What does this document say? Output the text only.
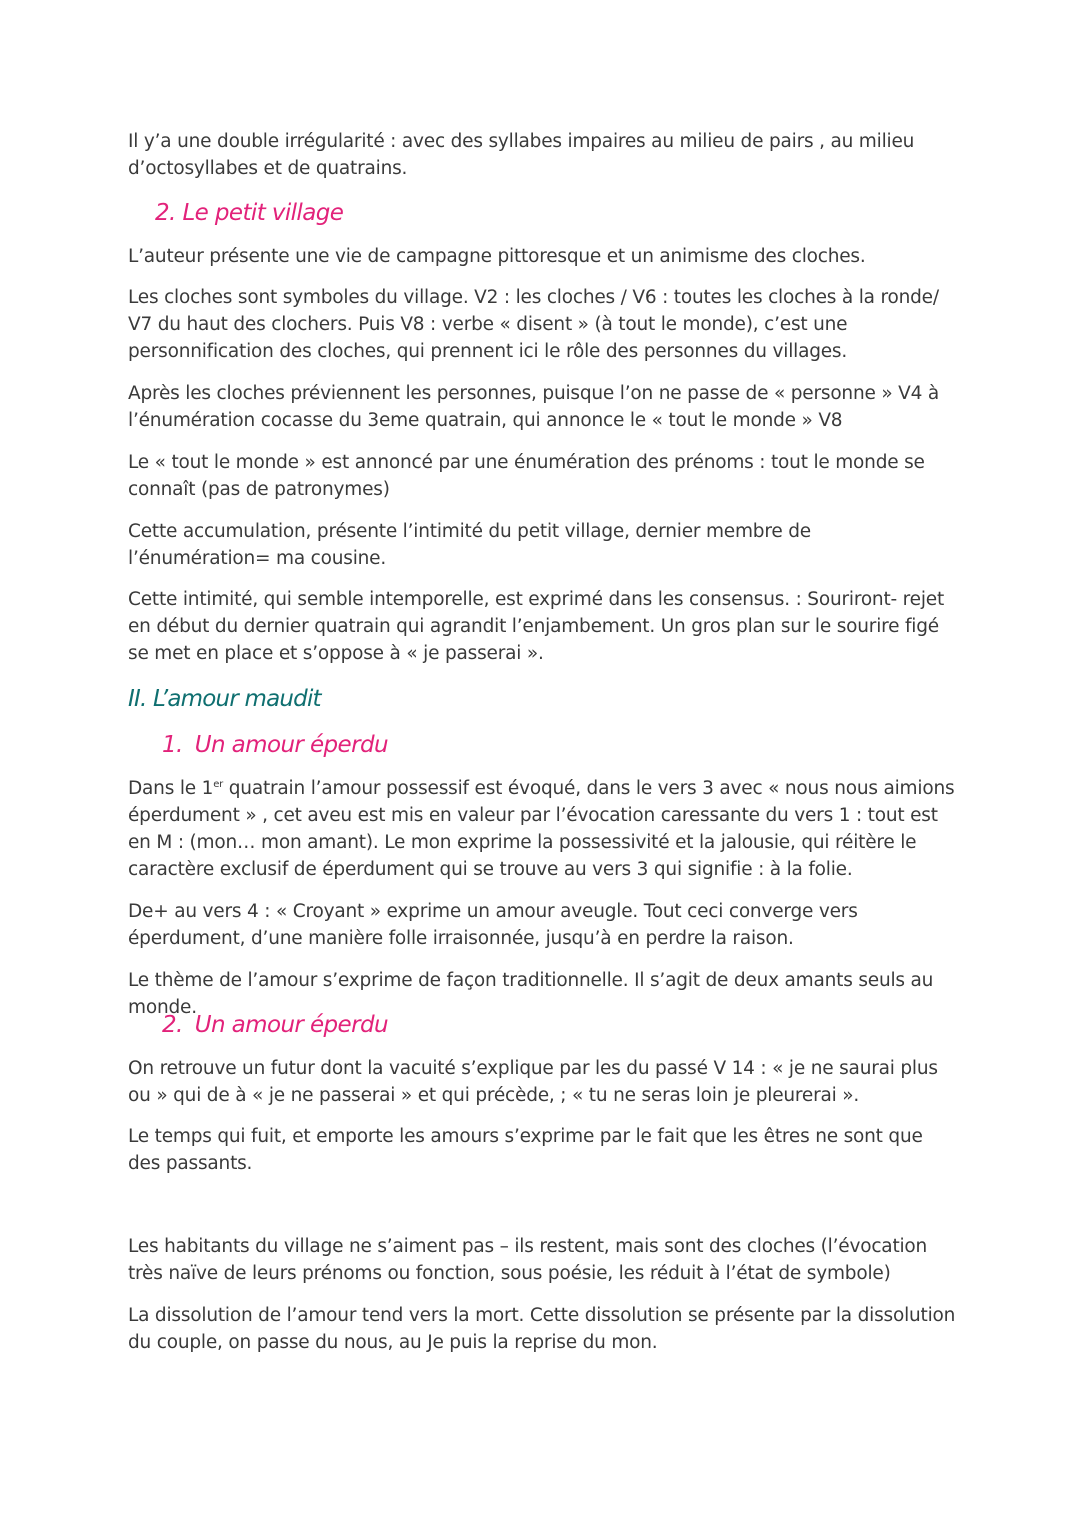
Il y’a une double irrégularité : avec des syllabes impaires au milieu de pairs , au milieu d’octosyllabes et de quatrains.

2. Le petit village

L’auteur présente une vie de campagne pittoresque et un animisme des cloches.

Les cloches sont symboles du village. V2 : les cloches / V6 : toutes les cloches à la ronde/ V7 du haut des clochers. Puis V8 : verbe « disent » (à tout le monde), c’est une personnification des cloches, qui prennent ici le rôle des personnes du villages.

Après les cloches préviennent les personnes, puisque l’on ne passe de « personne » V4 à l’énumération cocasse du 3eme quatrain, qui annonce le « tout le monde » V8

Le « tout le monde » est annoncé par une énumération des prénoms : tout le monde se connaît (pas de patronymes)

Cette accumulation, présente l’intimité du petit village, dernier membre de l’énumération= ma cousine.

Cette intimité, qui semble intemporelle, est exprimé dans les consensus. : Souriront- rejet en début du dernier quatrain qui agrandit l’enjambement. Un gros plan sur le sourire figé se met en place et s’oppose à « je passerai ».

II. L’amour maudit
1. Un amour éperdu

Dans le 1er quatrain l’amour possessif est évoqué, dans le vers 3 avec « nous nous aimions éperdument » , cet aveu est mis en valeur par l’évocation caressante du vers 1 : tout est en M : (mon… mon amant). Le mon exprime la possessivité et la jalousie, qui réitère le caractère exclusif de éperdument qui se trouve au vers 3 qui signifie : à la folie.

De+ au vers 4 : « Croyant » exprime un amour aveugle. Tout ceci converge vers éperdument, d’une manière folle irraisonnée, jusqu’à en perdre la raison.

Le thème de l’amour s’exprime de façon traditionnelle. Il s’agit de deux amants seuls au monde.

2. Un amour éperdu

On retrouve un futur dont la vacuité s’explique par les du passé V 14 : « je ne saurai plus ou » qui de à « je ne passerai » et qui précède, ; « tu ne seras loin je pleurerai ».

Le temps qui fuit, et emporte les amours s’exprime par le fait que les êtres ne sont que des passants.

Les habitants du village ne s’aiment pas – ils restent, mais sont des cloches (l’évocation très naïve de leurs prénoms ou fonction, sous poésie, les réduit à l’état de symbole)

La dissolution de l’amour tend vers la mort. Cette dissolution se présente par la dissolution du couple, on passe du nous, au Je puis la reprise du mon.
